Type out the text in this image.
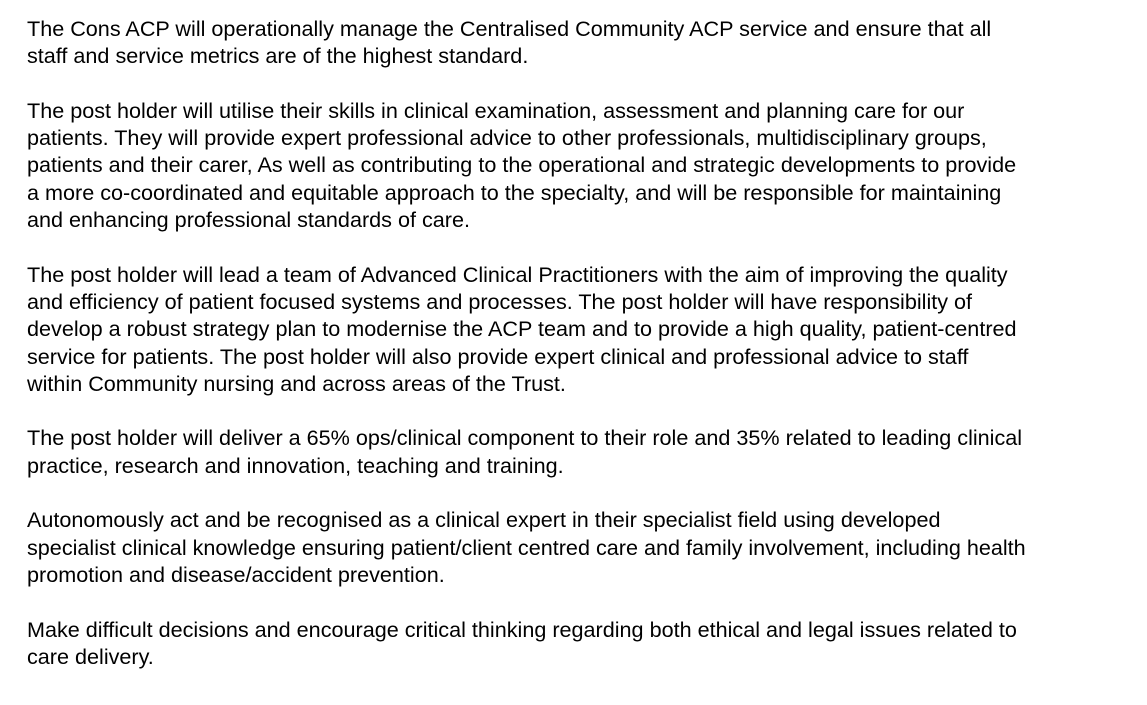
The Cons ACP will operationally manage the Centralised Community ACP service and ensure that all
staff and service metrics are of the highest standard.

The post holder will utilise their skills in clinical examination, assessment and planning care for our
patients. They will provide expert professional advice to other professionals, multidisciplinary groups,
patients and their carer, As well as contributing to the operational and strategic developments to provide
a more co-coordinated and equitable approach to the specialty, and will be responsible for maintaining
and enhancing professional standards of care.

The post holder will lead a team of Advanced Clinical Practitioners with the aim of improving the quality
and efficiency of patient focused systems and processes. The post holder will have responsibility of
develop a robust strategy plan to modernise the ACP team and to provide a high quality, patient-centred
service for patients. The post holder will also provide expert clinical and professional advice to staff
within Community nursing and across areas of the Trust.

The post holder will deliver a 65% ops/clinical component to their role and 35% related to leading clinical
practice, research and innovation, teaching and training.

Autonomously act and be recognised as a clinical expert in their specialist field using developed
specialist clinical knowledge ensuring patient/client centred care and family involvement, including health
promotion and disease/accident prevention.

Make difficult decisions and encourage critical thinking regarding both ethical and legal issues related to
care delivery.
